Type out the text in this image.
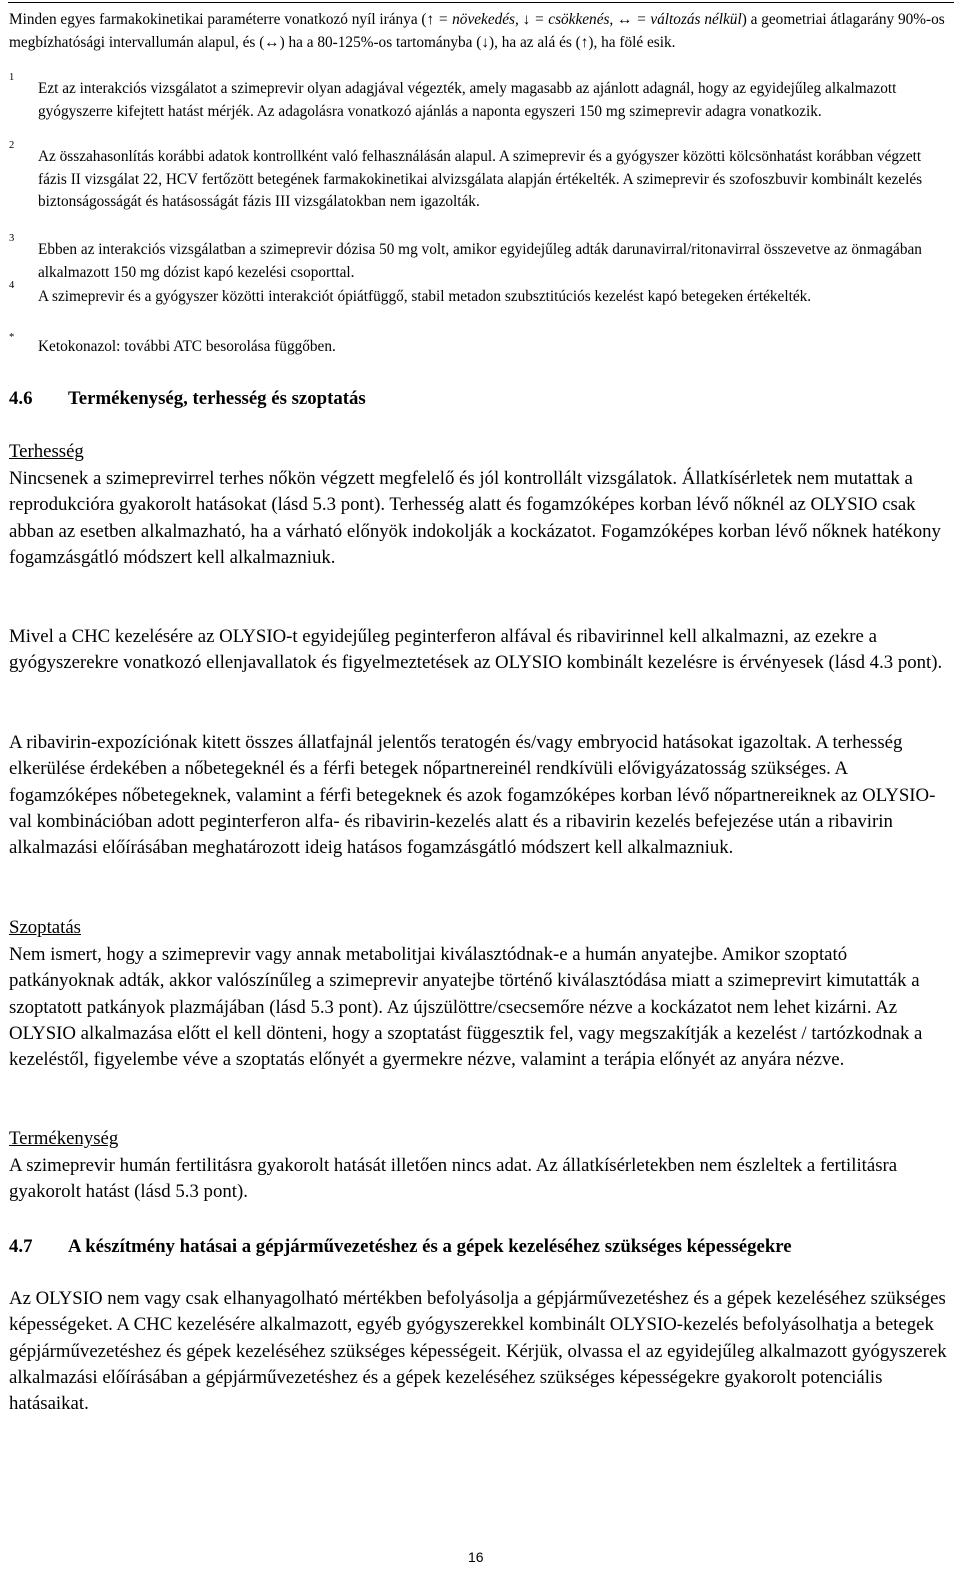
Minden egyes farmakokinetikai paraméterre vonatkozó nyíl iránya (↑ = növekedés, ↓ = csökkenés, ↔ = változás nélkül) a geometriai átlagarány 90%-os megbízhatósági intervallumán alapul, és (↔) ha a 80-125%-os tartományba (↓), ha az alá és (↑), ha fölé esik.
1
Ezt az interakciós vizsgálatot a szimeprevir olyan adagjával végezték, amely magasabb az ajánlott adagnál, hogy az egyidejűleg alkalmazott gyógyszerre kifejtett hatást mérjék. Az adagolásra vonatkozó ajánlás a naponta egyszeri 150 mg szimeprevir adagra vonatkozik.
2
Az összahasonlítás korábbi adatok kontrollként való felhasználásán alapul. A szimeprevir és a gyógyszer közötti kölcsönhatást korábban végzett fázis II vizsgálat 22, HCV fertőzött betegének farmakokinetikai alvizsgálata alapján értékelték. A szimeprevir és szofoszbuvir kombinált kezelés biztonságosságát és hatásosságát fázis III vizsgálatokban nem igazolták.
3
Ebben az interakciós vizsgálatban a szimeprevir dózisa 50 mg volt, amikor egyidejűleg adták darunavirral/ritonavirral összevetve az önmagában alkalmazott 150 mg dózist kapó kezelési csoporttal.
4
A szimeprevir és a gyógyszer közötti interakciót ópiátfüggő, stabil metadon szubsztitúciós kezelést kapó betegeken értékelték.
*
Ketokonazol: további ATC besorolása függőben.
4.6 Termékenység, terhesség és szoptatás
Terhesség
Nincsenek a szimeprevirrel terhes nőkön végzett megfelelő és jól kontrollált vizsgálatok. Állatkísérletek nem mutattak a reprodukcióra gyakorolt hatásokat (lásd 5.3 pont). Terhesség alatt és fogamzóképes korban lévő nőknél az OLYSIO csak abban az esetben alkalmazható, ha a várható előnyök indokolják a kockázatot. Fogamzóképes korban lévő nőknek hatékony fogamzásgátló módszert kell alkalmazniuk.
Mivel a CHC kezelésére az OLYSIO-t egyidejűleg peginterferon alfával és ribavirinnel kell alkalmazni, az ezekre a gyógyszerekre vonatkozó ellenjavallatok és figyelmeztetések az OLYSIO kombinált kezelésre is érvényesek (lásd 4.3 pont).
A ribavirin-expozíciónak kitett összes állatfajnál jelentős teratogén és/vagy embryocid hatásokat igazoltak. A terhesség elkerülése érdekében a nőbetegeknél és a férfi betegek nőpartnereinél rendkívüli elővigyázatosság szükséges. A fogamzóképes nőbetegeknek, valamint a férfi betegeknek és azok fogamzóképes korban lévő nőpartnereiknek az OLYSIO-val kombinációban adott peginterferon alfa- és ribavirin-kezelés alatt és a ribavirin kezelés befejezése után a ribavirin alkalmazási előírásában meghatározott ideig hatásos fogamzásgátló módszert kell alkalmazniuk.
Szoptatás
Nem ismert, hogy a szimeprevir vagy annak metabolitjai kiválasztódnak-e a humán anyatejbe. Amikor szoptató patkányoknak adták, akkor valószínűleg a szimeprevir anyatejbe történő kiválasztódása miatt a szimeprevirt kimutatták a szoptatott patkányok plazmájában (lásd 5.3 pont). Az újszülöttre/csecsemőre nézve a kockázatot nem lehet kizárni. Az OLYSIO alkalmazása előtt el kell dönteni, hogy a szoptatást függesztik fel, vagy megszakítják a kezelést / tartózkodnak a kezeléstől, figyelembe véve a szoptatás előnyét a gyermekre nézve, valamint a terápia előnyét az anyára nézve.
Termékenység
A szimeprevir humán fertilitásra gyakorolt hatását illetően nincs adat. Az állatkísérletekben nem észleltek a fertilitásra gyakorolt hatást (lásd 5.3 pont).
4.7 A készítmény hatásai a gépjárművezetéshez és a gépek kezeléséhez szükséges képességekre
Az OLYSIO nem vagy csak elhanyagolható mértékben befolyásolja a gépjárművezetéshez és a gépek kezeléséhez szükséges képességeket. A CHC kezelésére alkalmazott, egyéb gyógyszerekkel kombinált OLYSIO-kezelés befolyásolhatja a betegek gépjárművezetéshez és gépek kezeléséhez szükséges képességeit. Kérjük, olvassa el az egyidejűleg alkalmazott gyógyszerek alkalmazási előírásában a gépjárművezetéshez és a gépek kezeléséhez szükséges képességekre gyakorolt potenciális hatásaikat.
16
